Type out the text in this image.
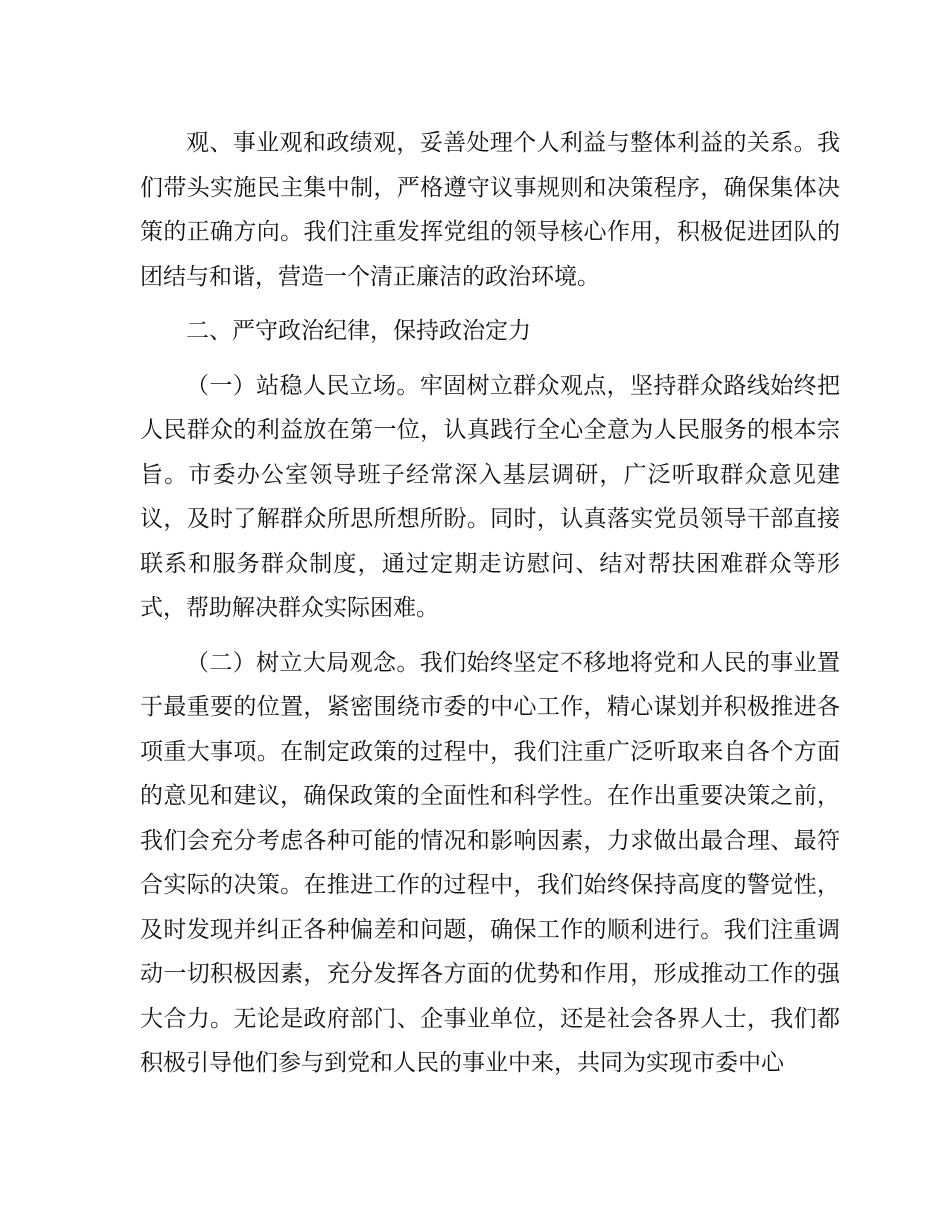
观、事业观和政绩观，妥善处理个人利益与整体利益的关系。我们带头实施民主集中制，严格遵守议事规则和决策程序，确保集体决策的正确方向。我们注重发挥党组的领导核心作用，积极促进团队的团结与和谐，营造一个清正廉洁的政治环境。

二、严守政治纪律，保持政治定力

（一）站稳人民立场。牢固树立群众观点，坚持群众路线始终把人民群众的利益放在第一位，认真践行全心全意为人民服务的根本宗旨。市委办公室领导班子经常深入基层调研，广泛听取群众意见建议，及时了解群众所思所想所盼。同时，认真落实党员领导干部直接联系和服务群众制度，通过定期走访慰问、结对帮扶困难群众等形式，帮助解决群众实际困难。

（二）树立大局观念。我们始终坚定不移地将党和人民的事业置于最重要的位置，紧密围绕市委的中心工作，精心谋划并积极推进各项重大事项。在制定政策的过程中，我们注重广泛听取来自各个方面的意见和建议，确保政策的全面性和科学性。在作出重要决策之前，我们会充分考虑各种可能的情况和影响因素，力求做出最合理、最符合实际的决策。在推进工作的过程中，我们始终保持高度的警觉性，及时发现并纠正各种偏差和问题，确保工作的顺利进行。我们注重调动一切积极因素，充分发挥各方面的优势和作用，形成推动工作的强大合力。无论是政府部门、企事业单位，还是社会各界人士，我们都积极引导他们参与到党和人民的事业中来，共同为实现市委中心
